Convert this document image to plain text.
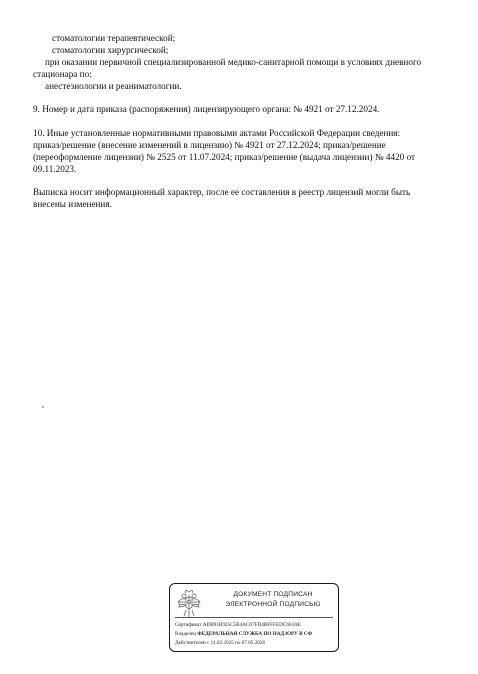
стоматологии терапевтической;
стоматологии хирургической;
при оказании первичной специализированной медико-санитарной помощи в условиях дневного
стационара по:
анестезиологии и реаниматологии.
9. Номер и дата приказа (распоряжения) лицензирующего органа: № 4921 от 27.12.2024.
10. Иные установленные нормативными правовыми актами Российской Федерации сведения:
приказ/решение (внесение изменений в лицензию) № 4921 от 27.12.2024; приказ/решение
(переоформление лицензии) № 2525 от 11.07.2024; приказ/решение (выдача лицензии) № 4420 от
09.11.2023.
Выписка носит информационный характер, после ее составления в реестр лицензий могли быть
внесены изменения.
ДОКУМЕНТ ПОДПИСАН
ЭЛЕКТРОННОЙ ПОДПИСЬЮ
Сертификат ADB91B925C5B4AC07FD4BFFFEDC663AE
Владелец ФЕДЕРАЛЬНАЯ СЛУЖБА ПО НАДЗОРУ В СФ
Действителен с 11.02.2025 по 07.05.2026
